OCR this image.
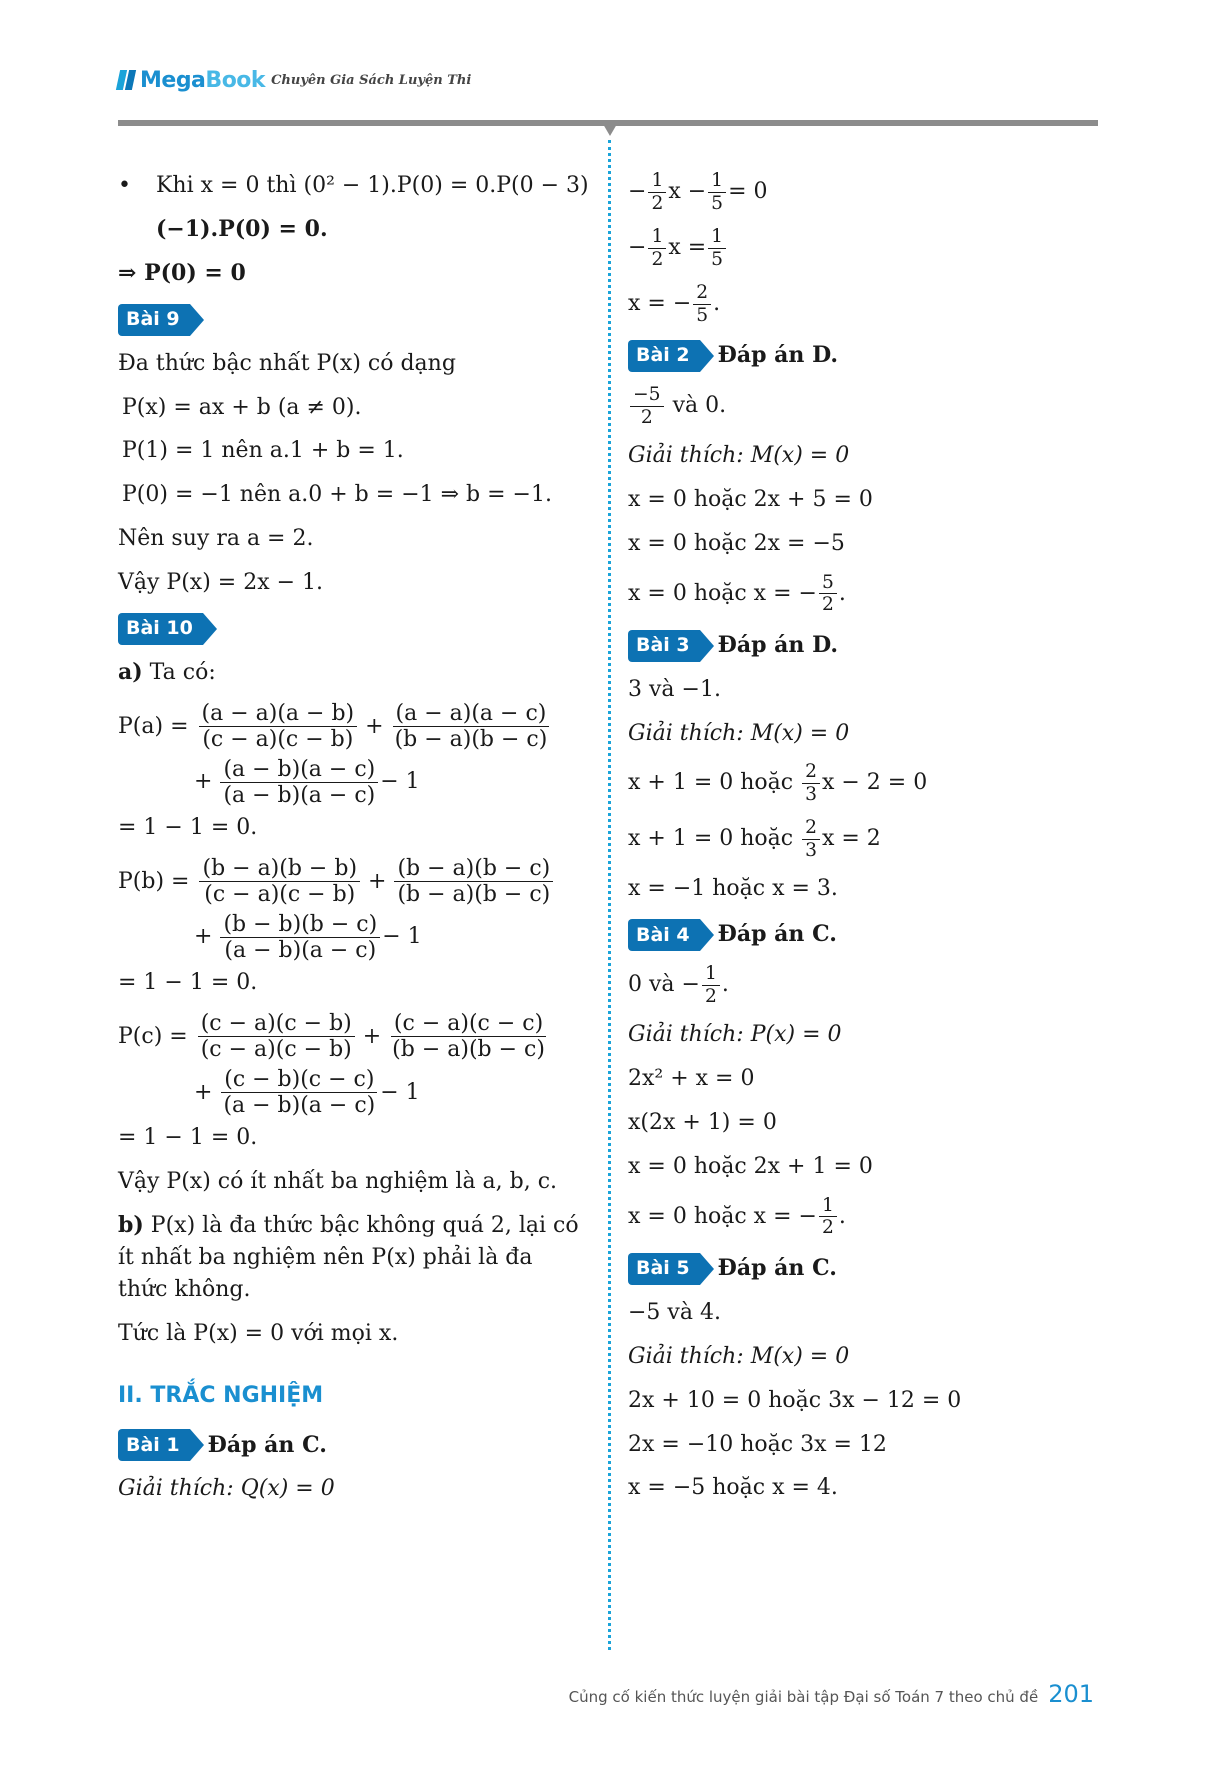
MegaBook Chuyên Gia Sách Luyện Thi
• Khi x = 0 thì (0² − 1).P(0) = 0.P(0 − 3)
(−1).P(0) = 0.
⇒ P(0) = 0
Bài 9
Đa thức bậc nhất P(x) có dạng
P(x) = ax + b (a ≠ 0).
P(1) = 1 nên a.1 + b = 1.
P(0) = −1 nên a.0 + b = −1 ⇒ b = −1.
Nên suy ra a = 2.
Vậy P(x) = 2x − 1.
Bài 10
a) Ta có:
$P(a) = \frac{(a - a)(a - b)}{(c - a)(c - b)} + \frac{(a - a)(a - c)}{(b - a)(b - c)}$
+ $\frac{(a - b)(a - c)}{(a - b)(a - c)} - 1$
= 1 − 1 = 0.
$P(b) = \frac{(b - a)(b - b)}{(c - a)(c - b)} + \frac{(b - a)(b - c)}{(b - a)(b - c)}$
+ $\frac{(b - b)(b - c)}{(a - b)(a - c)} - 1$
= 1 − 1 = 0.
$P(c) = \frac{(c - a)(c - b)}{(c - a)(c - b)} + \frac{(c - a)(c - c)}{(b - a)(b - c)}$
+ $\frac{(c - b)(c - c)}{(a - b)(a - c)} - 1$
= 1 − 1 = 0.
Vậy P(x) có ít nhất ba nghiệm là a, b, c.
b) P(x) là đa thức bậc không quá 2, lại có ít nhất ba nghiệm nên P(x) phải là đa thức không.
Tức là P(x) = 0 với mọi x.
II. TRẮC NGHIỆM
Bài 1	Đáp án C.
Giải thích: Q(x) = 0
− $\frac{1}{2}$ $x - \frac{1}{5} = 0$
− $\frac{1}{2}$ $x = \frac{1}{5}$
x = − $\frac{2}{5}$ .
Bài 2	Đáp án D.
$\frac{-5}{2}$ và 0.
Giải thích: M(x) = 0
x = 0 hoặc 2x + 5 = 0
x = 0 hoặc 2x = −5
x = 0 hoặc x = − $\frac{5}{2}$ .
Bài 3	Đáp án D.
3 và −1.
Giải thích: M(x) = 0
x + 1 = 0 hoặc $\frac{2}{3}$ x − 2 = 0
x + 1 = 0 hoặc $\frac{2}{3}$ x = 2
x = −1 hoặc x = 3.
Bài 4	Đáp án C.
0 và − $\frac{1}{2}$ .
Giải thích: P(x) = 0
2x² + x = 0
x(2x + 1) = 0
x = 0 hoặc 2x + 1 = 0
x = 0 hoặc x = − $\frac{1}{2}$ .
Bài 5	Đáp án C.
−5 và 4.
Giải thích: M(x) = 0
2x + 10 = 0 hoặc 3x − 12 = 0
2x = −10 hoặc 3x = 12
x = −5 hoặc x = 4.
Củng cố kiến thức luyện giải bài tập Đại số Toán 7 theo chủ đề 201
